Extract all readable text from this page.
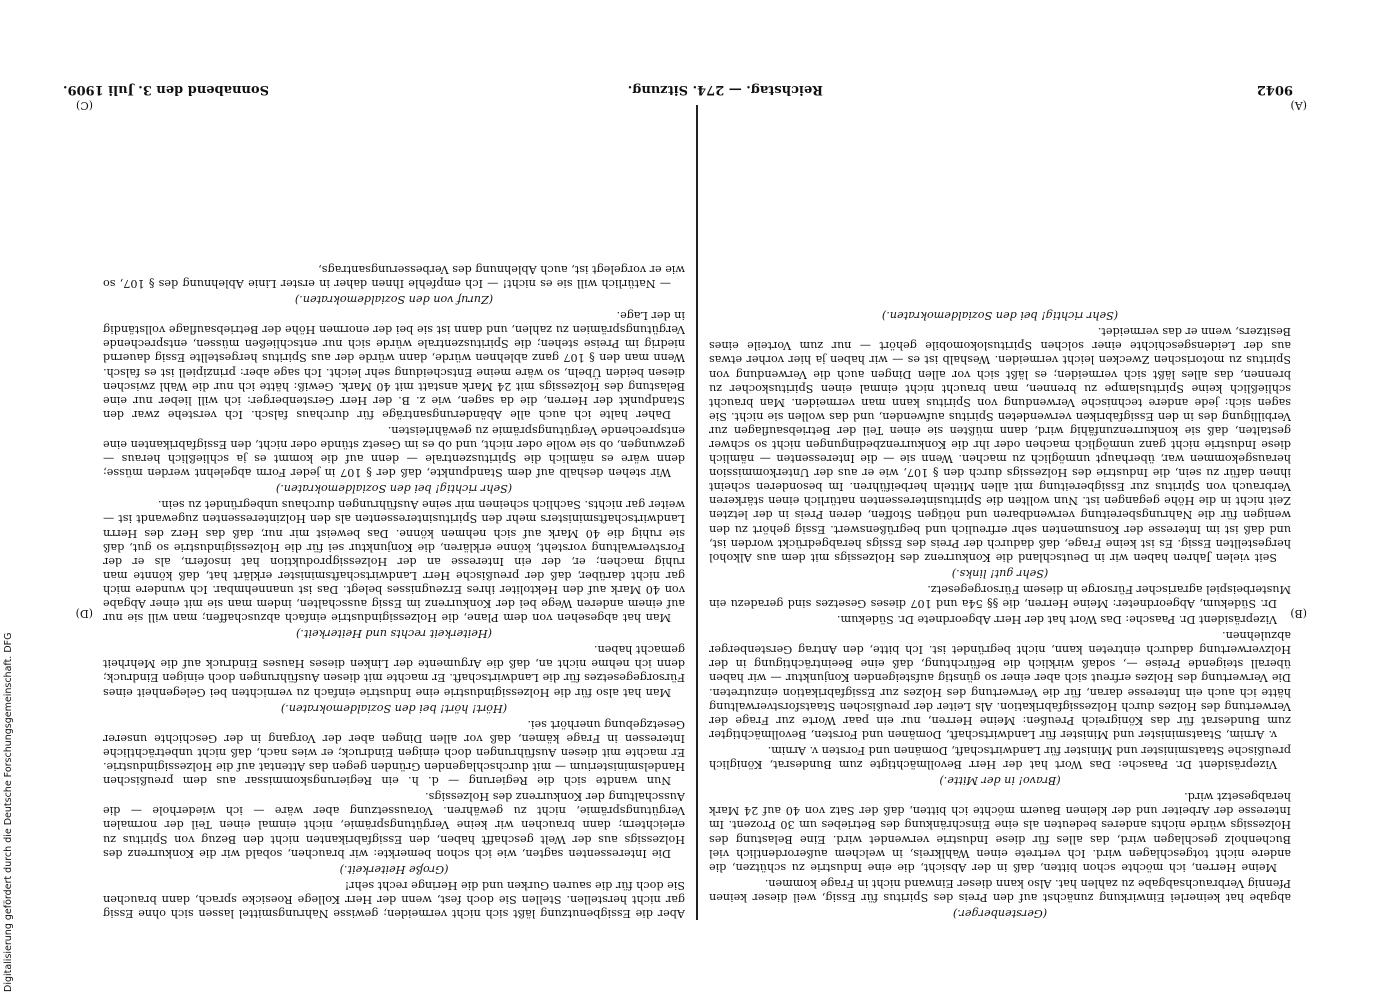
9042
Reichstag. — 274. Sitzung.
Sonnabend den 3. Juli 1909.
(A)
(B)
(C)
(D)

(Gerstenberger.)

abgabe hat keinerlei Einwirkung zunächst auf den Preis des Spiritus für Essig, weil dieser keinen Pfennig Verbrauchsabgabe zu zahlen hat. Also kann dieser Einwand nicht in Frage kommen.

Meine Herren, ich möchte schon bitten, daß in der Absicht, die eine Industrie zu schützen, die andere nicht totgeschlagen wird. Ich vertrete einen Wahlkreis, in welchem außerordentlich viel Buchenholz geschlagen wird, das alles für diese Industrie verwendet wird. Eine Belastung des Holzessigs würde nichts anderes bedeuten als eine Einschränkung des Betriebes um 30 Prozent. Im Interesse der Arbeiter und der kleinen Bauern möchte ich bitten, daß der Satz von 40 auf 24 Mark herabgesetzt wird.

(Bravo! in der Mitte.)

Vizepräsident Dr. Paasche: Das Wort hat der Herr Bevollmächtigte zum Bundesrat, Königlich preußische Staatsminister und Minister für Landwirtschaft, Domänen und Forsten v. Arnim.

v. Arnim, Staatsminister und Minister für Landwirtschaft, Domänen und Forsten, Bevollmächtigter zum Bundesrat für das Königreich Preußen: Meine Herren, nur ein paar Worte zur Frage der Verwertung des Holzes durch Holzessigfabrikation. Als Leiter der preußischen Staatsforstverwaltung hätte ich auch ein Interesse daran, für die Verwertung des Holzes zur Essigfabrikation einzutreten. Die Verwertung des Holzes erfreut sich aber einer so günstig aufsteigenden Konjunktur — wir haben überall steigende Preise —, sodaß wirklich die Befürchtung, daß eine Beeinträchtigung in der Holzverwertung dadurch eintreten kann, nicht begründet ist. Ich bitte, den Antrag Gerstenberger abzulehnen.

Vizepräsident Dr. Paasche: Das Wort hat der Herr Abgeordnete Dr. Südekum.

Dr. Südekum, Abgeordneter: Meine Herren, die §§ 54a und 107 dieses Gesetzes sind geradezu ein Musterbeispiel agrarischer Fürsorge in diesem Fürsorgegesetz.

(Sehr gut! links.)

Seit vielen Jahren haben wir in Deutschland die Konkurrenz des Holzessigs mit dem aus Alkohol hergestellten Essig. Es ist keine Frage, daß dadurch der Preis des Essigs herabgedrückt worden ist, und daß ist im Interesse der Konsumenten sehr erfreulich und begrüßenswert. Essig gehört zu den wenigen für die Nahrungsbereitung verwendbaren und nötigen Stoffen, deren Preis in der letzten Zeit nicht in die Höhe gegangen ist. Nun wollten die Spiritusinteressenten natürlich einen stärkeren Verbrauch von Spiritus zur Essigbereitung mit allen Mitteln herbeiführen. Im besonderen scheint ihnen dafür zu sein, die Industrie des Holzessigs durch den § 107, wie er aus der Unterkommission herausgekommen war, überhaupt unmöglich zu machen. Wenn sie — die Interessenten — nämlich diese Industrie nicht ganz unmöglich machen oder ihr die Konkurrenzbedingungen nicht so schwer gestalten, daß sie konkurrenzunfähig wird, dann müßten sie einen Teil der Betriebsauflagen zur Verbilligung des in den Essigfabriken verwendeten Spiritus aufwenden, und das wollen sie nicht. Sie sagen sich: jede andere technische Verwendung von Spiritus kann man vermeiden. Man braucht schließlich keine Spirituslampe zu brennen, man braucht nicht einmal einen Spirituskocher zu brennen, das alles läßt sich vermeiden; es läßt sich vor allen Dingen auch die Verwendung von Spiritus zu motorischen Zwecken leicht vermeiden. Weshalb ist es — wir haben ja hier vorher etwas aus der Leidensgeschichte einer solchen Spirituslokomobile gehört — nur zum Vorteile eines Besitzers, wenn er das vermeidet.

(Sehr richtig! bei den Sozialdemokraten.)

Aber die Essigbenutzung läßt sich nicht vermeiden; gewisse Nahrungsmittel lassen sich ohne Essig gar nicht herstellen. Stellen Sie doch fest, wenn der Herr Kollege Roesicke sprach, dann brauchen Sie doch für die sauren Gurken und die Heringe recht sehr!

(Große Heiterkeit.)

Die Interessenten sagten, wie ich schon bemerkte: wir brauchen, sobald wir die Konkurrenz des Holzessigs aus der Welt geschafft haben, den Essigfabrikanten nicht den Bezug von Spiritus zu erleichtern; dann brauchen wir keine Vergütungsprämie, nicht einmal einen Teil der normalen Vergütungsprämie, nicht zu gewähren. Voraussetzung aber wäre — ich wiederhole — die Ausschaltung der Konkurrenz des Holzessigs.

Nun wandte sich die Regierung — d. h. ein Regierungskommissar aus dem preußischen Handelsministerium — mit durchschlagenden Gründen gegen das Attentat auf die Holzessigindustrie. Er machte mit diesen Ausführungen doch einigen Eindruck; er wies nach, daß nicht unbeträchtliche Interessen in Frage kämen, daß vor allen Dingen aber der Vorgang in der Geschichte unserer Gesetzgebung unerhört sei.

(Hört! hört! bei den Sozialdemokraten.)

Man hat also für die Holzessigindustrie eine Industrie einfach zu vernichten bei Gelegenheit eines Fürsorgegesetzes für die Landwirtschaft. Er machte mit diesen Ausführungen doch einigen Eindruck; denn ich nehme nicht an, daß die Argumente der Linken dieses Hauses Eindruck auf die Mehrheit gemacht haben.

(Heiterkeit rechts und Heiterkeit.)

Man hat abgesehen von dem Plane, die Holzessigindustrie einfach abzuschaffen; man will sie nur auf einem anderen Wege bei der Konkurrenz im Essig ausschalten, indem man sie mit einer Abgabe von 40 Mark auf den Hektoliter ihres Erzeugnisses belegt. Das ist unannehmbar. Ich wundere mich gar nicht darüber, daß der preußische Herr Landwirtschaftsminister erklärt hat, daß könnte man ruhig machen; er, der ein Interesse an der Holzessigproduktion hat insofern, als er der Forstverwaltung vorsteht, könne erklären, die Konjunktur sei für die Holzessigindustrie so gut, daß sie ruhig die 40 Mark auf sich nehmen könne. Das beweist mir nur, daß das Herz des Herrn Landwirtschaftsministers mehr den Spiritusinteressenten als den Holzinteressenten zugewandt ist — weiter gar nichts. Sachlich scheinen mir seine Ausführungen durchaus unbegründet zu sein.

(Sehr richtig! bei den Sozialdemokraten.)

Wir stehen deshalb auf dem Standpunkte, daß der § 107 in jeder Form abgelehnt werden müsse; denn wäre es nämlich die Spirituszentrale — denn auf die kommt es ja schließlich heraus — gezwungen, ob sie wolle oder nicht, und ob es im Gesetz stünde oder nicht, den Essigfabrikanten eine entsprechende Vergütungsprämie zu gewährleisten.

Daher halte ich auch alle Abänderungsanträge für durchaus falsch. Ich verstehe zwar den Standpunkt der Herren, die da sagen, wie z. B. der Herr Gerstenberger: ich will lieber nur eine Belastung des Holzessigs mit 24 Mark anstatt mit 40 Mark. Gewiß: hätte ich nur die Wahl zwischen diesen beiden Übeln, so wäre meine Entscheidung sehr leicht. Ich sage aber: prinzipiell ist es falsch. Wenn man den § 107 ganz ablehnen würde, dann würde der aus Spiritus hergestellte Essig dauernd niedrig im Preise stehen; die Spirituszentrale würde sich nur entschließen müssen, entsprechende Vergütungsprämien zu zahlen, und dann ist sie bei der enormen Höhe der Betriebsauflage vollständig in der Lage.

(Zuruf von den Sozialdemokraten.)

— Natürlich will sie es nicht! — Ich empfehle Ihnen daher in erster Linie Ablehnung des § 107, so wie er vorgelegt ist, auch Ablehnung des Verbesserungsantrags,

Digitalisierung gefördert durch die Deutsche Forschungsgemeinschaft. DFG
